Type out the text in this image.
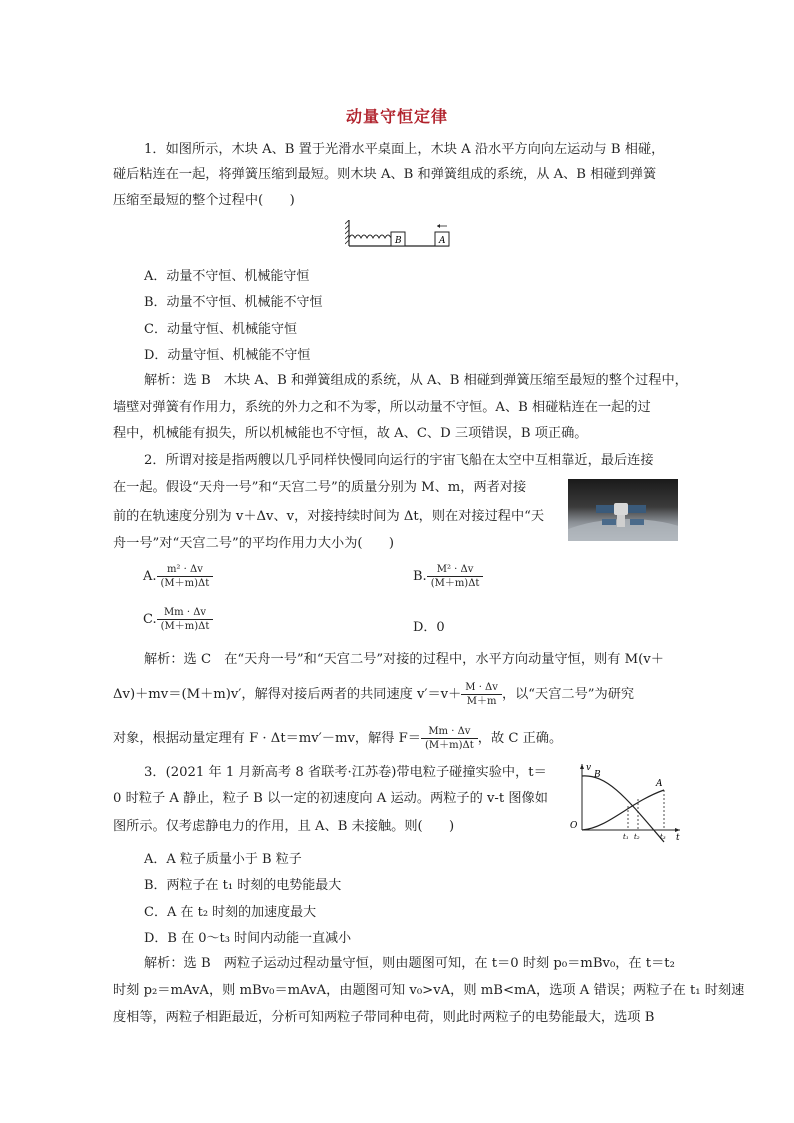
动量守恒定律
1．如图所示，木块 A、B 置于光滑水平桌面上，木块 A 沿水平方向向左运动与 B 相碰，
碰后粘连在一起，将弹簧压缩到最短。则木块 A、B 和弹簧组成的系统，从 A、B 相碰到弹簧
压缩至最短的整个过程中(　　)
B	A
A．动量不守恒、机械能守恒
B．动量不守恒、机械能不守恒
C．动量守恒、机械能守恒
D．动量守恒、机械能不守恒
解析：选 B　木块 A、B 和弹簧组成的系统，从 A、B 相碰到弹簧压缩至最短的整个过程中，
墙壁对弹簧有作用力，系统的外力之和不为零，所以动量不守恒。A、B 相碰粘连在一起的过
程中，机械能有损失，所以机械能也不守恒，故 A、C、D 三项错误，B 项正确。
2．所谓对接是指两艘以几乎同样快慢同向运行的宇宙飞船在太空中互相靠近，最后连接
在一起。假设“天舟一号”和“天宫二号”的质量分别为 M、m，两者对接
前的在轨速度分别为 v＋Δv、v，对接持续时间为 Δt，则在对接过程中“天
舟一号”对“天宫二号”的平均作用力大小为(　　)
A. $\frac{\text{m² · Δv}}{(M+m)\Delta t}$	B. $\frac{\text{M² · Δv}}{(M+m)\Delta t}$
C. $\frac{Mm \cdot \Delta v}{(M+m)\Delta t}$	D．0
解析：选 C　在“天舟一号”和“天宫二号”对接的过程中，水平方向动量守恒，则有 M(v＋
Δv)＋mv＝(M＋m)v′，解得对接后两者的共同速度 $v'=v+ \frac{M \cdot \Delta v}{M+m}$ ，以“天宫二号”为研究
对象，根据动量定理有 F · Δt＝mv′－mv，解得 $F= \frac{Mm \cdot \Delta v}{(M+m)\Delta t}$ ，故 C 正确。
3．(2021 年 1 月新高考 8 省联考·江苏卷)带电粒子碰撞实验中，t＝
0 时粒子 A 静止，粒子 B 以一定的初速度向 A 运动。两粒子的 v-t 图像如
图所示。仅考虑静电力的作用，且 A、B 未接触。则(　　)
v
t
O
B
A
t₁ t₂	t₃
A．A 粒子质量小于 B 粒子
B．两粒子在 t₁ 时刻的电势能最大
C．A 在 t₂ 时刻的加速度最大
D．B 在 0～t₃ 时间内动能一直减小
解析：选 B　两粒子运动过程动量守恒，则由题图可知，在 t＝0 时刻 p₀＝mBv₀，在 t＝t₂
时刻 p₂＝mAvA，则 mBv₀＝mAvA，由题图可知 v₀>vA，则 mB<mA，选项 A 错误；两粒子在 t₁ 时刻速
度相等，两粒子相距最近，分析可知两粒子带同种电荷，则此时两粒子的电势能最大，选项 B
